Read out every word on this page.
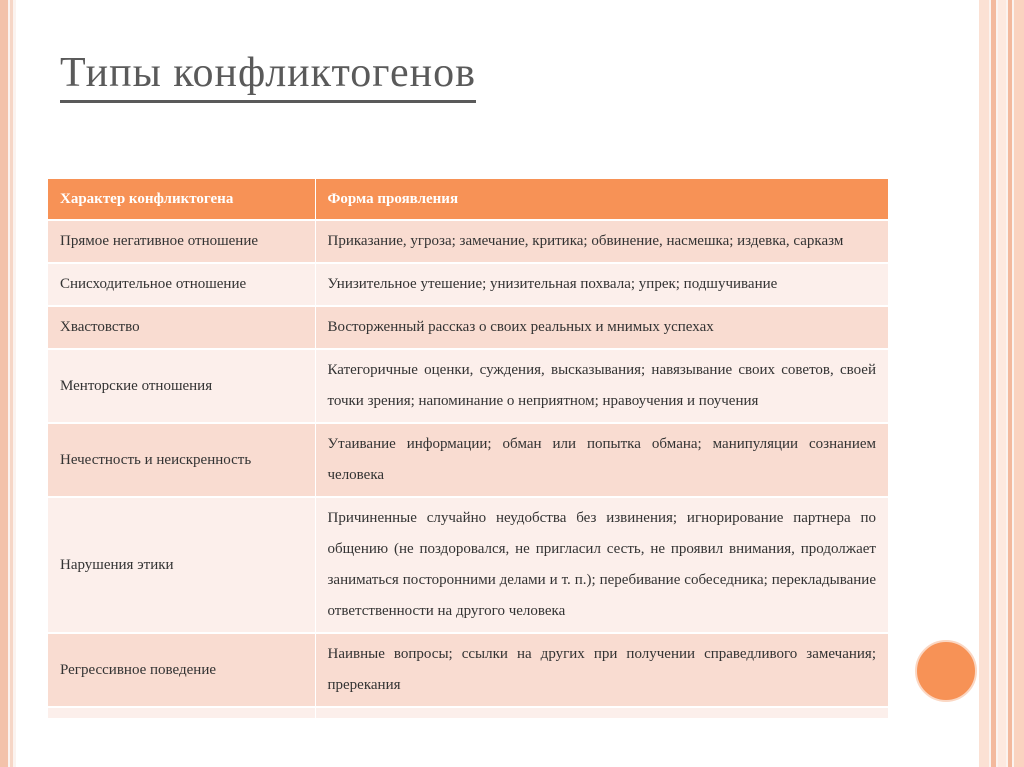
Типы конфликтогенов
Характер конфликтогена	Форма проявления
Прямое негативное отношение	Приказание, угроза; замечание, критика; обвинение, насмешка; издевка, сарказм
Снисходительное отношение	Унизительное утешение; унизительная похвала; упрек; подшучивание
Хвастовство	Восторженный рассказ о своих реальных и мнимых успехах
Менторские отношения	Категоричные оценки, суждения, высказывания; навязывание своих советов, своей точки зрения; напоминание о неприятном; нравоучения и поучения
Нечестность и неискренность	Утаивание информации; обман или попытка обмана; манипуляции сознанием человека
Нарушения этики	Причиненные случайно неудобства без извинения; игнорирование партнера по общению (не поздоровался, не пригласил сесть, не проявил внимания, продолжает заниматься посторонними делами и т. п.); перебивание собеседника; перекладывание ответственности на другого человека
Регрессивное поведение	Наивные вопросы; ссылки на других при получении справедливого замечания; пререкания
